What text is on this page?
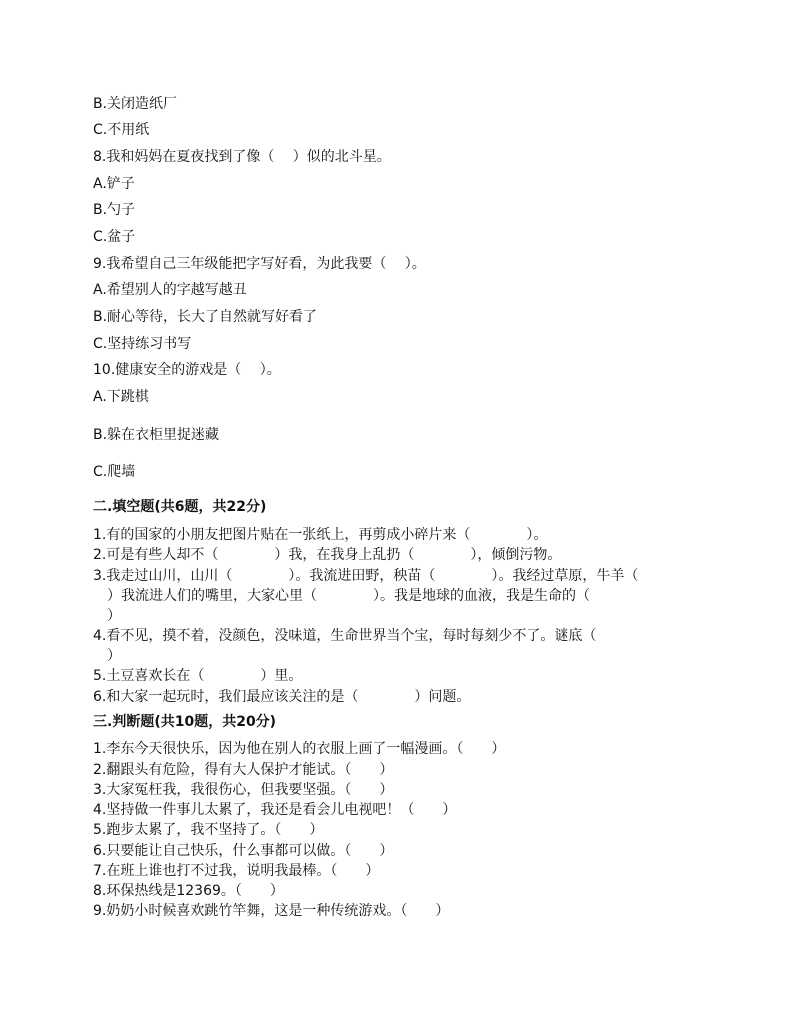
B.关闭造纸厂
C.不用纸
8.我和妈妈在夏夜找到了像（　 ）似的北斗星。
A.铲子
B.勺子
C.盆子
9.我希望自己三年级能把字写好看，为此我要（　 ）。
A.希望别人的字越写越丑
B.耐心等待，长大了自然就写好看了
C.坚持练习书写
10.健康安全的游戏是（　 ）。
A.下跳棋
B.躲在衣柜里捉迷藏
C.爬墙
二.填空题(共6题，共22分)
1.有的国家的小朋友把图片贴在一张纸上，再剪成小碎片来（　　　　）。
2.可是有些人却不（　　　　）我，在我身上乱扔（　　　　），倾倒污物。
3.我走过山川，山川（　　　　）。我流进田野，秧苗（　　　　）。我经过草原，牛羊（
　）我流进人们的嘴里，大家心里（　　　　）。我是地球的血液，我是生命的（
　）
4.看不见，摸不着，没颜色，没味道，生命世界当个宝，每时每刻少不了。谜底（
　）
5.土豆喜欢长在（　　　　）里。
6.和大家一起玩时，我们最应该关注的是（　　　　）问题。
三.判断题(共10题，共20分)
1.李东今天很快乐，因为他在别人的衣服上画了一幅漫画。（　　）
2.翻跟头有危险，得有大人保护才能试。（　　）
3.大家冤枉我，我很伤心，但我要坚强。（　　）
4.坚持做一件事儿太累了，我还是看会儿电视吧！（　　）
5.跑步太累了，我不坚持了。（　　）
6.只要能让自己快乐，什么事都可以做。（　　）
7.在班上谁也打不过我，说明我最棒。（　　）
8.环保热线是12369。（　　）
9.奶奶小时候喜欢跳竹竿舞，这是一种传统游戏。（　　）
